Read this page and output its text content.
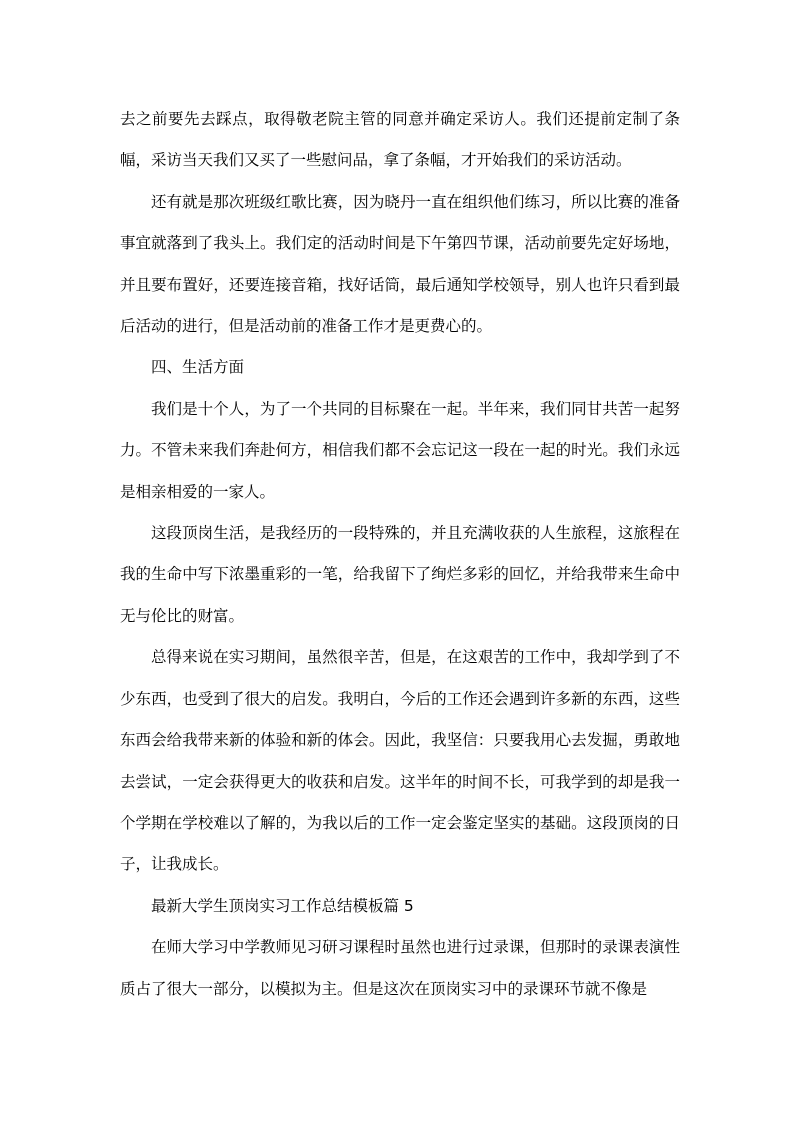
去之前要先去踩点，取得敬老院主管的同意并确定采访人。我们还提前定制了条幅，采访当天我们又买了一些慰问品，拿了条幅，才开始我们的采访活动。

还有就是那次班级红歌比赛，因为晓丹一直在组织他们练习，所以比赛的准备事宜就落到了我头上。我们定的活动时间是下午第四节课，活动前要先定好场地，并且要布置好，还要连接音箱，找好话筒，最后通知学校领导，别人也许只看到最后活动的进行，但是活动前的准备工作才是更费心的。

四、生活方面

我们是十个人，为了一个共同的目标聚在一起。半年来，我们同甘共苦一起努力。不管未来我们奔赴何方，相信我们都不会忘记这一段在一起的时光。我们永远是相亲相爱的一家人。

这段顶岗生活，是我经历的一段特殊的，并且充满收获的人生旅程，这旅程在我的生命中写下浓墨重彩的一笔，给我留下了绚烂多彩的回忆，并给我带来生命中无与伦比的财富。

总得来说在实习期间，虽然很辛苦，但是，在这艰苦的工作中，我却学到了不少东西，也受到了很大的启发。我明白，今后的工作还会遇到许多新的东西，这些东西会给我带来新的体验和新的体会。因此，我坚信：只要我用心去发掘，勇敢地去尝试，一定会获得更大的收获和启发。这半年的时间不长，可我学到的却是我一个学期在学校难以了解的，为我以后的工作一定会鉴定坚实的基础。这段顶岗的日子，让我成长。

最新大学生顶岗实习工作总结模板篇 5

在师大学习中学教师见习研习课程时虽然也进行过录课，但那时的录课表演性质占了很大一部分，以模拟为主。但是这次在顶岗实习中的录课环节就不像是
